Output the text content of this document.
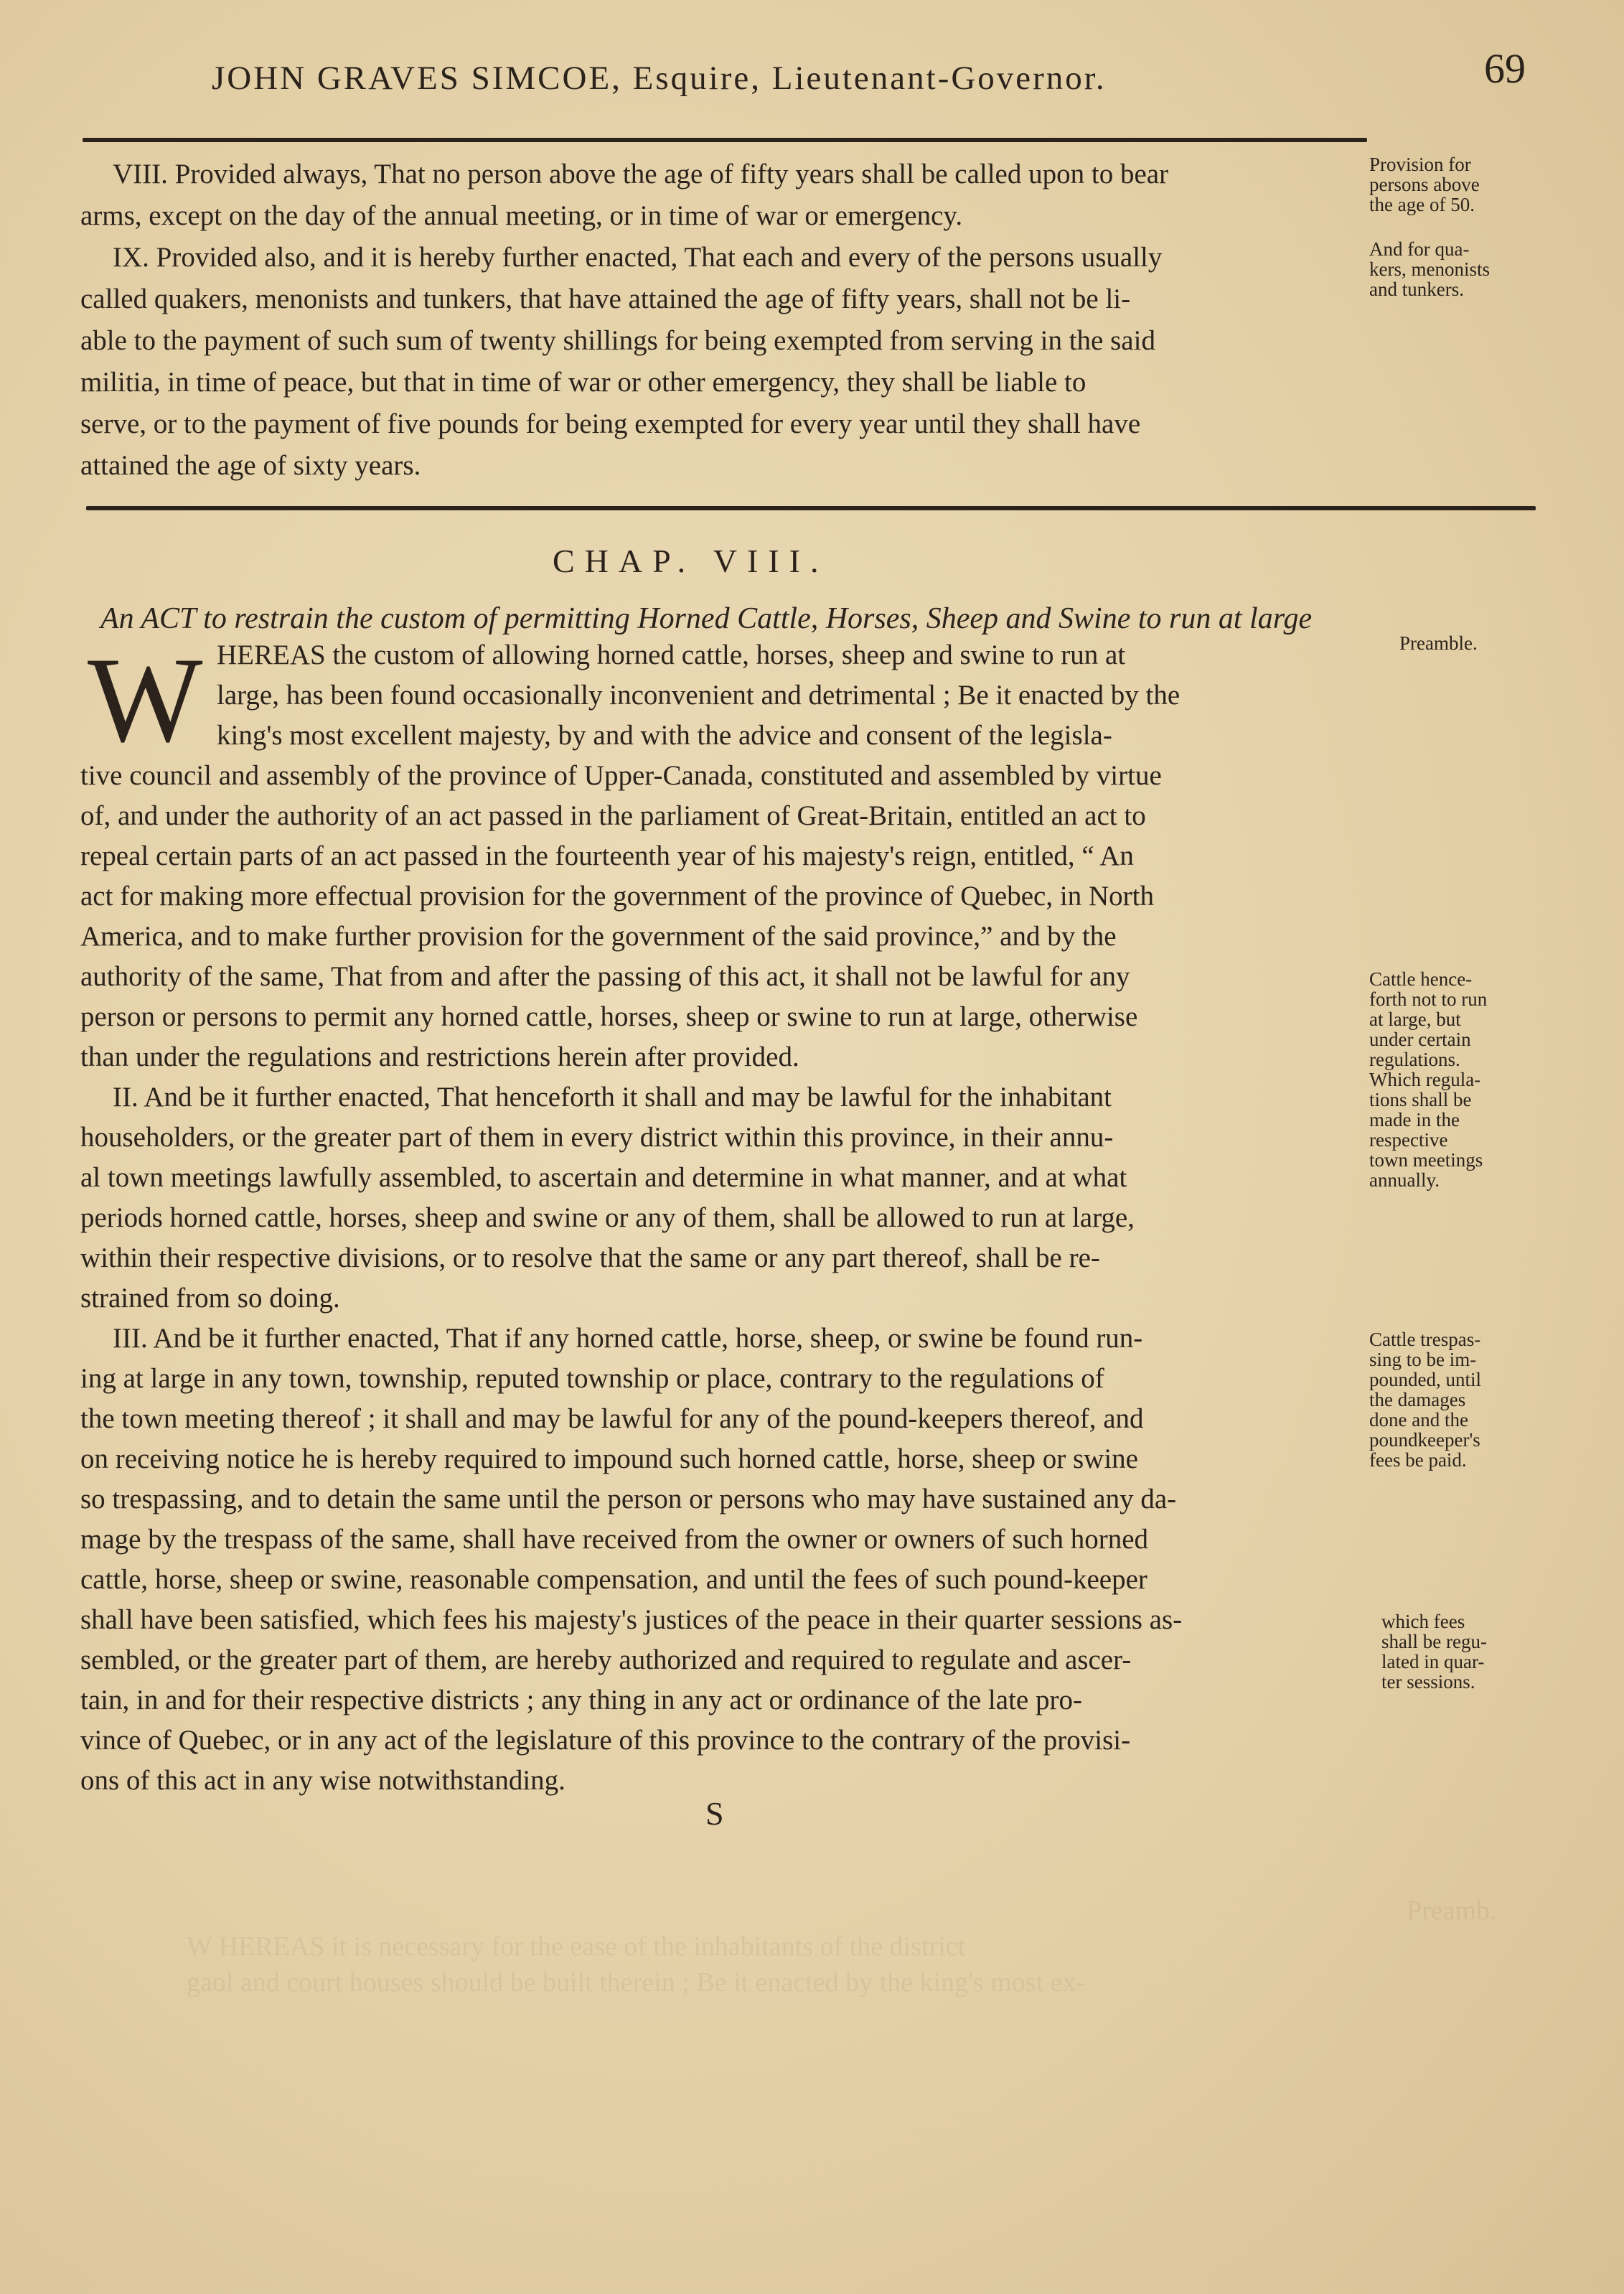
Preamb.
W HEREAS it is necessary for the ease of the inhabitants of the district
gaol and court houses should be built therein ; Be it enacted by the king's most ex-
JOHN GRAVES SIMCOE, Esquire, Lieutenant-Governor.	69
VIII. Provided always, That no person above the age of fifty years shall be called upon to bear
arms, except on the day of the annual meeting, or in time of war or emergency.
IX. Provided also, and it is hereby further enacted, That each and every of the persons usually
called quakers, menonists and tunkers, that have attained the age of fifty years, shall not be li-
able to the payment of such sum of twenty shillings for being exempted from serving in the said
militia, in time of peace, but that in time of war or other emergency, they shall be liable to
serve, or to the payment of five pounds for being exempted for every year until they shall have
attained the age of sixty years.
CHAP. VIII.
An ACT to restrain the custom of permitting Horned Cattle, Horses, Sheep and Swine to run at large
W HEREAS the custom of allowing horned cattle, horses, sheep and swine to run at
large, has been found occasionally inconvenient and detrimental ; Be it enacted by the
king's most excellent majesty, by and with the advice and consent of the legisla-
tive council and assembly of the province of Upper-Canada, constituted and assembled by virtue
of, and under the authority of an act passed in the parliament of Great-Britain, entitled an act to
repeal certain parts of an act passed in the fourteenth year of his majesty's reign, entitled, “ An
act for making more effectual provision for the government of the province of Quebec, in North
America, and to make further provision for the government of the said province,” and by the
authority of the same, That from and after the passing of this act, it shall not be lawful for any
person or persons to permit any horned cattle, horses, sheep or swine to run at large, otherwise
than under the regulations and restrictions herein after provided.
II. And be it further enacted, That henceforth it shall and may be lawful for the inhabitant
householders, or the greater part of them in every district within this province, in their annu-
al town meetings lawfully assembled, to ascertain and determine in what manner, and at what
periods horned cattle, horses, sheep and swine or any of them, shall be allowed to run at large,
within their respective divisions, or to resolve that the same or any part thereof, shall be re-
strained from so doing.
III. And be it further enacted, That if any horned cattle, horse, sheep, or swine be found run-
ing at large in any town, township, reputed township or place, contrary to the regulations of
the town meeting thereof ; it shall and may be lawful for any of the pound-keepers thereof, and
on receiving notice he is hereby required to impound such horned cattle, horse, sheep or swine
so trespassing, and to detain the same until the person or persons who may have sustained any da-
mage by the trespass of the same, shall have received from the owner or owners of such horned
cattle, horse, sheep or swine, reasonable compensation, and until the fees of such pound-keeper
shall have been satisfied, which fees his majesty's justices of the peace in their quarter sessions as-
sembled, or the greater part of them, are hereby authorized and required to regulate and ascer-
tain, in and for their respective districts ; any thing in any act or ordinance of the late pro-
vince of Quebec, or in any act of the legislature of this province to the contrary of the provisi-
ons of this act in any wise notwithstanding.
Provision for
persons above
the age of 50.
And for qua-
kers, menonists
and tunkers.
Preamble.
Cattle hence-
forth not to run
at large, but
under certain
regulations.
Which regula-
tions shall be
made in the
respective
town meetings
annually.
Cattle trespas-
sing to be im-
pounded, until
the damages
done and the
poundkeeper's
fees be paid.
which fees
shall be regu-
lated in quar-
ter sessions.
S
